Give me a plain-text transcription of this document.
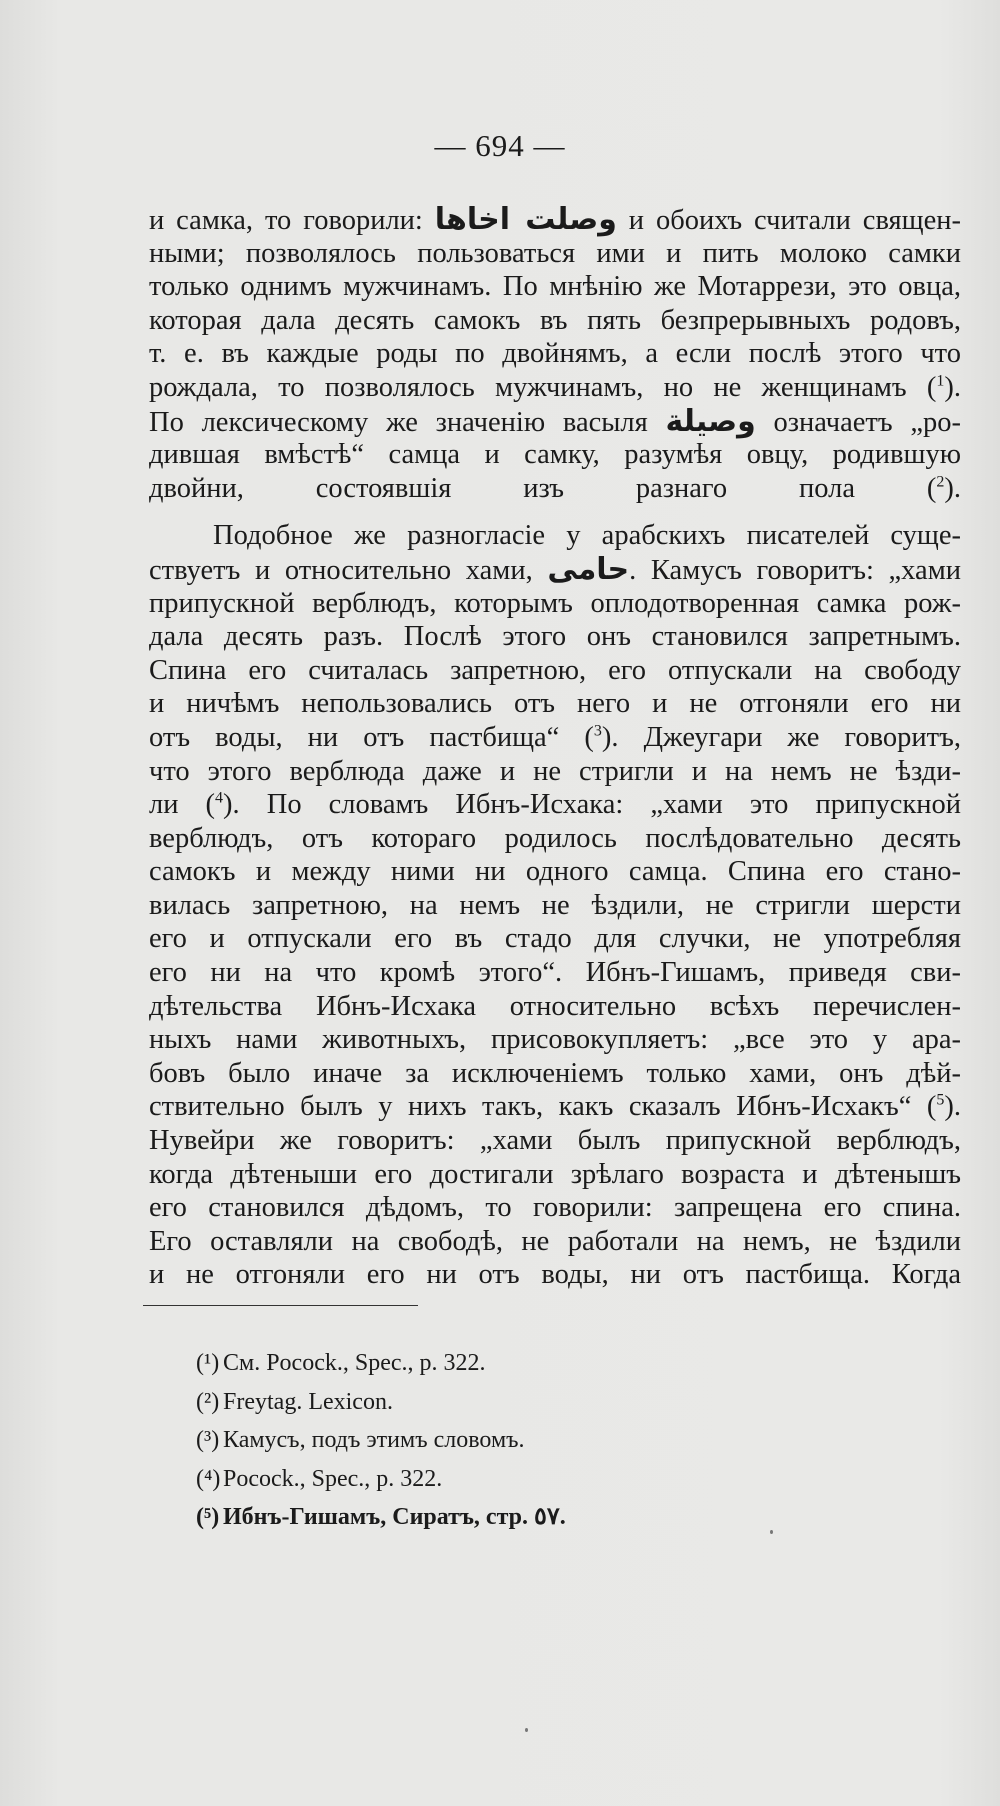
— 694 —
и самка, то говорили: وصلت اخاها и обоихъ считали священ-
ными; позволялось пользоваться ими и пить молоко самки
только однимъ мужчинамъ. По мнѣнію же Мотаррези, это овца,
которая дала десять самокъ въ пять безпрерывныхъ родовъ,
т. е. въ каждые роды по двойнямъ, а если послѣ этого что
рождала, то позволялось мужчинамъ, но не женщинамъ ($^1$).
По лексическому же значенію васыля وصيلة означаетъ „ро-
дившая вмѣстѣ“ самца и самку, разумѣя овцу, родившую
двойни, состоявшія изъ разнаго пола ($^2$).
Подобное же разногласіе у арабскихъ писателей суще-
ствуетъ и относительно хами, حامى. Камусъ говоритъ: „хами
припускной верблюдъ, которымъ оплодотворенная самка рож-
дала десять разъ. Послѣ этого онъ становился запретнымъ.
Спина его считалась запретною, его отпускали на свободу
и ничѣмъ непользовались отъ него и не отгоняли его ни
отъ воды, ни отъ пастбища“ ($^3$). Джеугари же говоритъ,
что этого верблюда даже и не стригли и на немъ не ѣзди-
ли ($^4$). По словамъ Ибнъ-Исхака: „хами это припускной
верблюдъ, отъ котораго родилось послѣдовательно десять
самокъ и между ними ни одного самца. Спина его стано-
вилась запретною, на немъ не ѣздили, не стригли шерсти
его и отпускали его въ стадо для случки, не употребляя
его ни на что кромѣ этого“. Ибнъ-Гишамъ, приведя сви-
дѣтельства Ибнъ-Исхака относительно всѣхъ перечислен-
ныхъ нами животныхъ, присовокупляетъ: „все это у ара-
бовъ было иначе за исключеніемъ только хами, онъ дѣй-
ствительно былъ у нихъ такъ, какъ сказалъ Ибнъ-Исхакъ“ ($^5$).
Нувейри же говоритъ: „хами былъ припускной верблюдъ,
когда дѣтеныши его достигали зрѣлаго возраста и дѣтенышъ
его становился дѣдомъ, то говорили: запрещена его спина.
Его оставляли на свободѣ, не работали на немъ, не ѣздили
и не отгоняли его ни отъ воды, ни отъ пастбища. Когда
(¹) См. Pocock., Spec., p. 322.
(²) Freytag. Lexicon.
(³) Камусъ, подъ этимъ словомъ.
(⁴) Pocock., Spec., p. 322.
(⁵) Ибнъ-Гишамъ, Сиратъ, стр. ٥٧.
